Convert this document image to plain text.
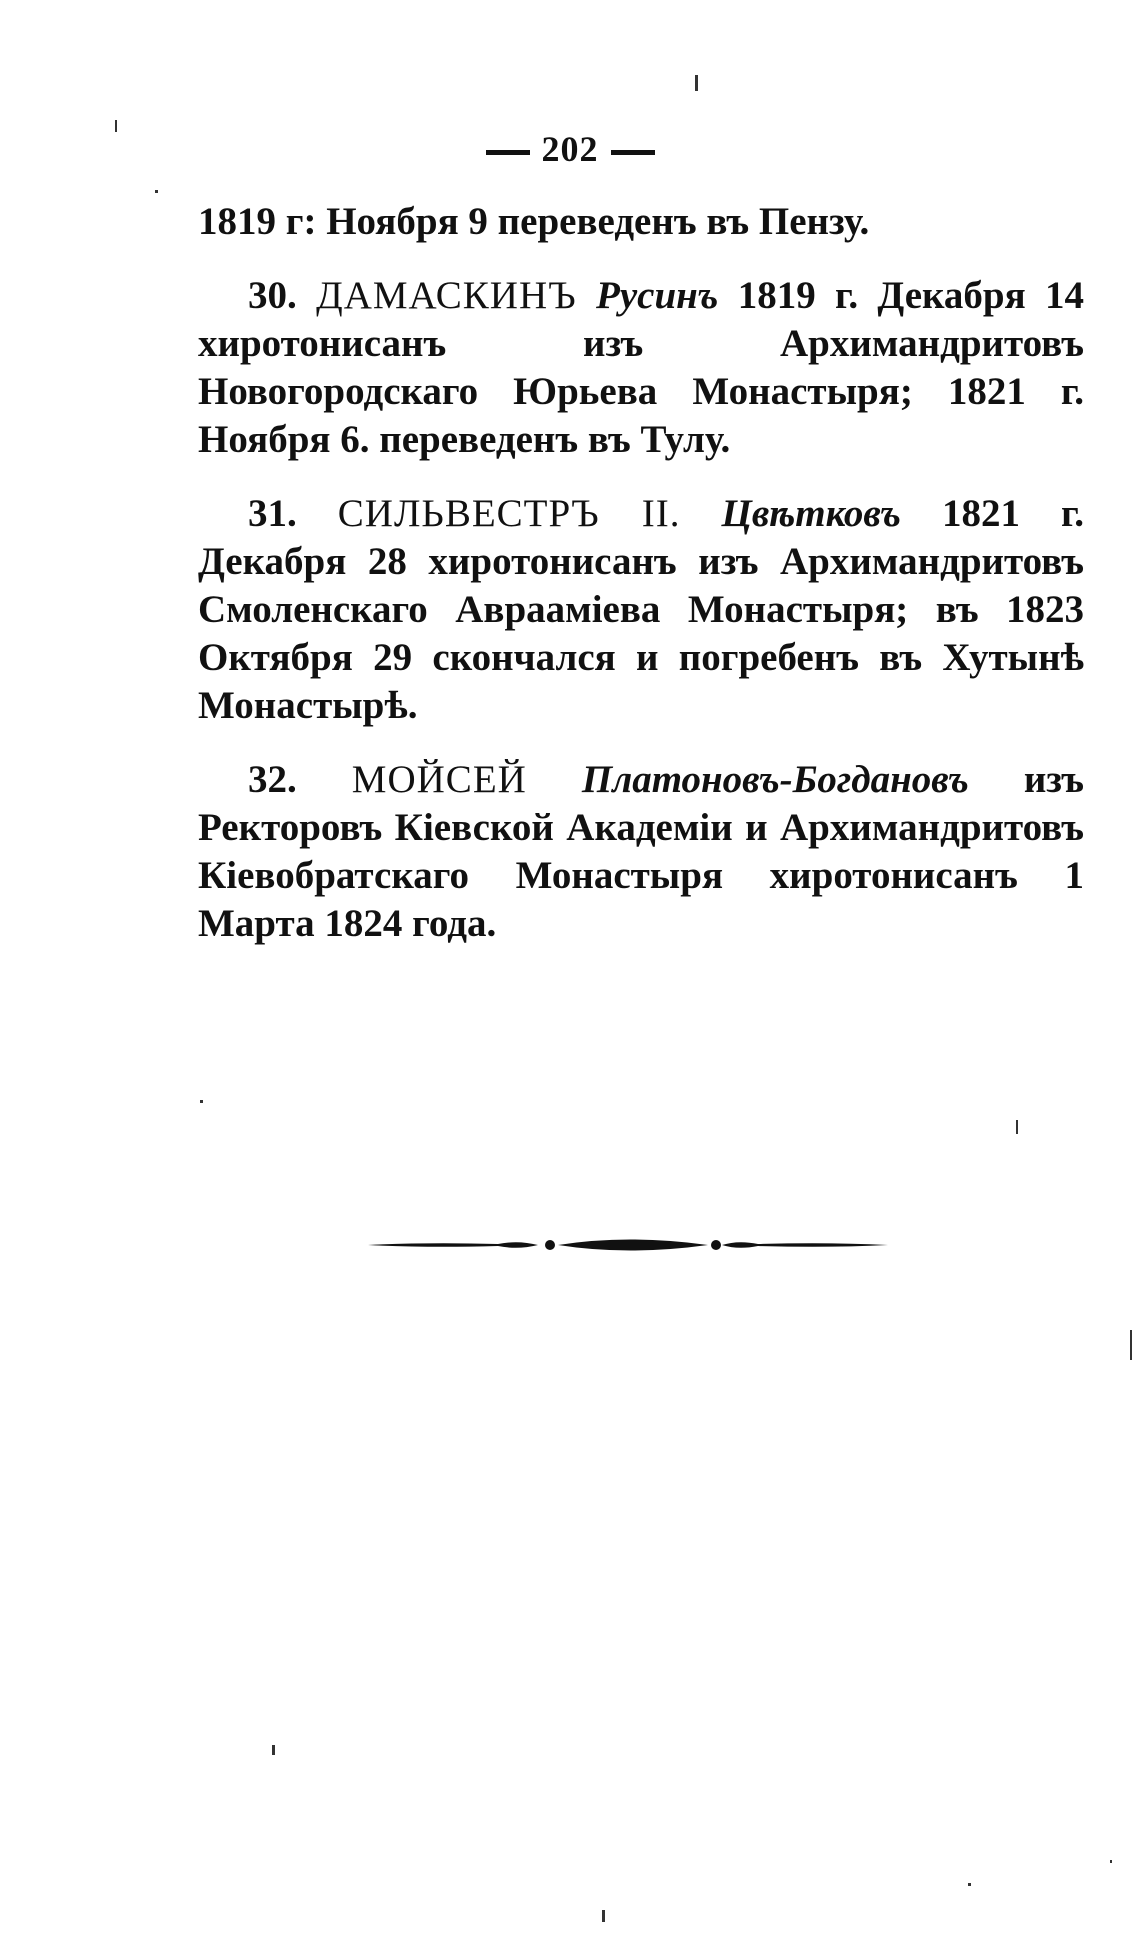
202

1819 г: Ноября 9 переведенъ въ Пензу.

30. ДАМАСКИНЪ Русинъ 1819 г. Декабря 14 хиротонисанъ изъ Архимандритовъ Новогородскаго Юрьева Монастыря; 1821 г. Ноября 6. переведенъ въ Тулу.

31. СИЛЬВЕСТРЪ II. Цвѣтковъ 1821 г. Декабря 28 хиротонисанъ изъ Архимандритовъ Смоленскаго Авраамiева Монастыря; въ 1823 Октября 29 скончался и погребенъ въ Хутынѣ Монастырѣ.

32. МОЙСЕЙ Платоновъ-Богдановъ изъ Ректоровъ Кiевской Академiи и Архимандритовъ Кiевобратскаго Монастыря хиротонисанъ 1 Марта 1824 года.
